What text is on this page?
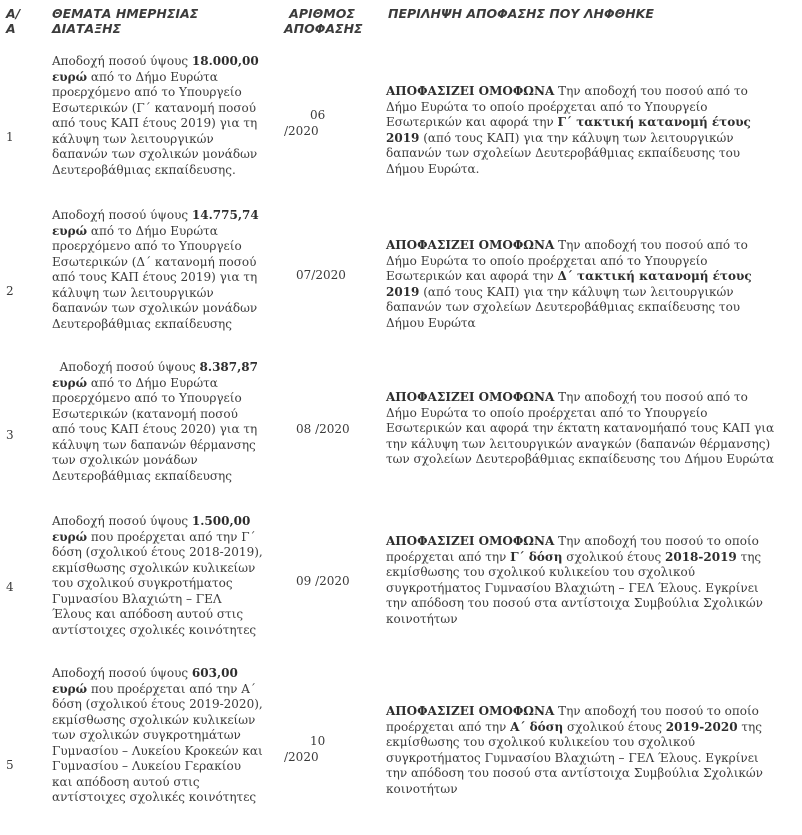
Α/
Α
ΘΕΜΑΤΑ ΗΜΕΡΗΣΙΑΣ
ΔΙΑΤΑΞΗΣ
ΑΡΙΘΜΟΣ
ΑΠΟΦΑΣΗΣ
ΠΕΡΙΛΗΨΗ ΑΠΟΦΑΣΗΣ ΠΟΥ ΛΗΦΘΗΚΕ
1
Αποδοχή ποσού ύψους 18.000,00 ευρώ από το Δήμο Ευρώτα προερχόμενο από το Υπουργείο Εσωτερικών (Γ΄ κατανομή ποσού από τους ΚΑΠ έτους 2019) για τη κάλυψη των λειτουργικών δαπανών των σχολικών μονάδων Δευτεροβάθμιας εκπαίδευσης.
06
/2020
ΑΠΟΦΑΣΙΖΕΙ ΟΜΟΦΩΝΑ Την αποδοχή του ποσού από το Δήμο Ευρώτα το οποίο προέρχεται από το Υπουργείο Εσωτερικών και αφορά την Γ΄ τακτική κατανομή έτους 2019 (από τους ΚΑΠ) για την κάλυψη των λειτουργικών δαπανών των σχολείων Δευτεροβάθμιας εκπαίδευσης του Δήμου Ευρώτα.
2
Αποδοχή ποσού ύψους 14.775,74 ευρώ από το Δήμο Ευρώτα προερχόμενο από το Υπουργείο Εσωτερικών (Δ΄ κατανομή ποσού από τους ΚΑΠ έτους 2019) για τη κάλυψη των λειτουργικών δαπανών των σχολικών μονάδων Δευτεροβάθμιας εκπαίδευσης
07/2020
ΑΠΟΦΑΣΙΖΕΙ ΟΜΟΦΩΝΑ Την αποδοχή του ποσού από το Δήμο Ευρώτα το οποίο προέρχεται από το Υπουργείο Εσωτερικών και αφορά την Δ΄ τακτική κατανομή έτους 2019 (από τους ΚΑΠ) για την κάλυψη των λειτουργικών δαπανών των σχολείων Δευτεροβάθμιας εκπαίδευσης του Δήμου Ευρώτα
3
Αποδοχή ποσού ύψους 8.387,87 ευρώ από το Δήμο Ευρώτα προερχόμενο από το Υπουργείο Εσωτερικών (κατανομή ποσού από τους ΚΑΠ έτους 2020) για τη κάλυψη των δαπανών θέρμανσης των σχολικών μονάδων Δευτεροβάθμιας εκπαίδευσης
08 /2020
ΑΠΟΦΑΣΙΖΕΙ ΟΜΟΦΩΝΑ Την αποδοχή του ποσού από το Δήμο Ευρώτα το οποίο προέρχεται από το Υπουργείο Εσωτερικών και αφορά την έκτατη κατανομήαπό τους ΚΑΠ για την κάλυψη των λειτουργικών αναγκών (δαπανών θέρμανσης) των σχολείων Δευτεροβάθμιας εκπαίδευσης του Δήμου Ευρώτα
4
Αποδοχή ποσού ύψους 1.500,00 ευρώ που προέρχεται από την Γ΄ δόση (σχολικού έτους 2018-2019), εκμίσθωσης σχολικών κυλικείων του σχολικού συγκροτήματος Γυμνασίου Βλαχιώτη – ΓΕΛ Έλους και απόδοση αυτού στις αντίστοιχες σχολικές κοινότητες
09 /2020
ΑΠΟΦΑΣΙΖΕΙ ΟΜΟΦΩΝΑ Την αποδοχή του ποσού το οποίο προέρχεται από την Γ΄ δόση σχολικού έτους 2018-2019 της εκμίσθωσης του σχολικού κυλικείου του σχολικού συγκροτήματος Γυμνασίου Βλαχιώτη – ΓΕΛ Έλους. Εγκρίνει την απόδοση του ποσού στα αντίστοιχα Συμβούλια Σχολικών κοινοτήτων
5
Αποδοχή ποσού ύψους 603,00 ευρώ που προέρχεται από την Α΄ δόση (σχολικού έτους 2019-2020), εκμίσθωσης σχολικών κυλικείων των σχολικών συγκροτημάτων Γυμνασίου – Λυκείου Κροκεών και Γυμνασίου – Λυκείου Γερακίου και απόδοση αυτού στις αντίστοιχες σχολικές κοινότητες
10
/2020
ΑΠΟΦΑΣΙΖΕΙ ΟΜΟΦΩΝΑ Την αποδοχή του ποσού το οποίο προέρχεται από την Α΄ δόση σχολικού έτους 2019-2020 της εκμίσθωσης του σχολικού κυλικείου του σχολικού συγκροτήματος Γυμνασίου Βλαχιώτη – ΓΕΛ Έλους. Εγκρίνει την απόδοση του ποσού στα αντίστοιχα Συμβούλια Σχολικών κοινοτήτων
